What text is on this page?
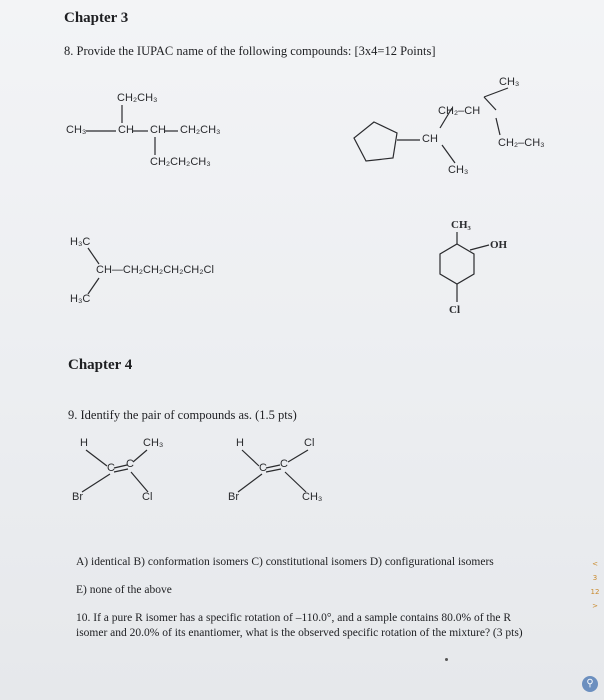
Chapter 3
8. Provide the IUPAC name of the following compounds: [3x4=12 Points]
CH₂CH₃
CH₃	CH CH CH₂CH₃
CH₂CH₂CH₃
CH₃
CH₂–CH
CH	CH₂–CH₃
CH₃
H₃C
CH—CH₂CH₂CH₂CH₂Cl
H₃C
CH₃
OH
Cl
Chapter 4
9. Identify the pair of compounds as. (1.5 pts)
H	CH₃
C C
Br	Cl
H	Cl
C C
Br	CH₃
A) identical B) conformation isomers C) constitutional isomers D) configurational isomers
E) none of the above
10. If a pure R isomer has a specific rotation of –110.0°, and a sample contains 80.0% of the R
isomer and 20.0% of its enantiomer, what is the observed specific rotation of the mixture? (3 pts)
<
3
12
>
⚲
